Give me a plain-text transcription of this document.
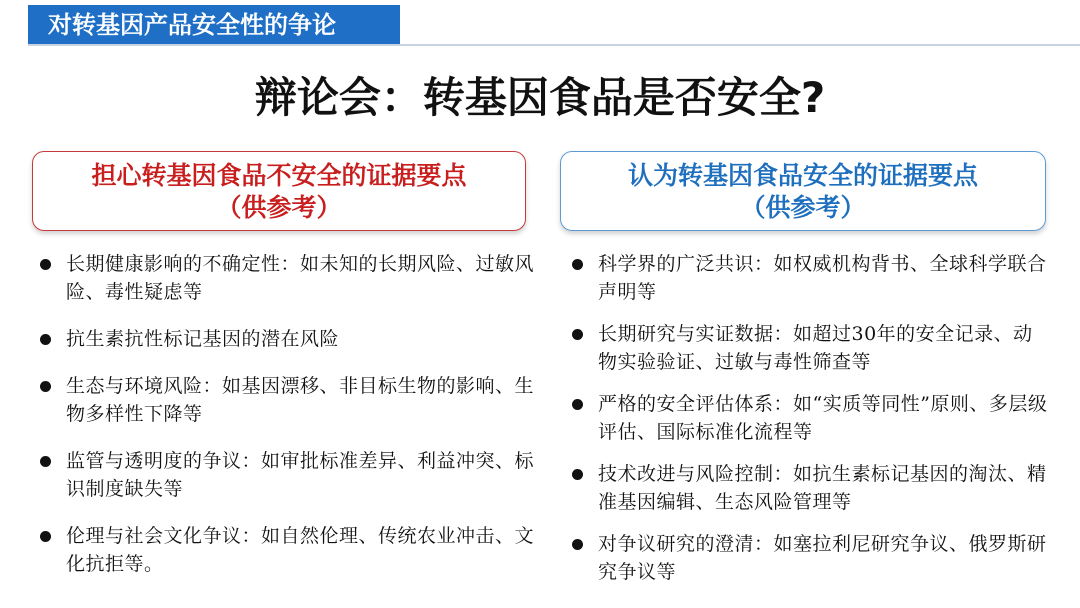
对转基因产品安全性的争论
辩论会：转基因食品是否安全?
担心转基因食品不安全的证据要点
（供参考）
认为转基因食品安全的证据要点
（供参考）
长期健康影响的不确定性：如未知的长期风险、过敏风险、毒性疑虑等
抗生素抗性标记基因的潜在风险
生态与环境风险：如基因漂移、非目标生物的影响、生物多样性下降等
监管与透明度的争议：如审批标准差异、利益冲突、标识制度缺失等
伦理与社会文化争议：如自然伦理、传统农业冲击、文化抗拒等。
科学界的广泛共识：如权威机构背书、全球科学联合声明等
长期研究与实证数据：如超过30年的安全记录、动物实验验证、过敏与毒性筛查等
严格的安全评估体系：如“实质等同性”原则、多层级评估、国际标准化流程等
技术改进与风险控制：如抗生素标记基因的淘汰、精准基因编辑、生态风险管理等
对争议研究的澄清：如塞拉利尼研究争议、俄罗斯研究争议等
